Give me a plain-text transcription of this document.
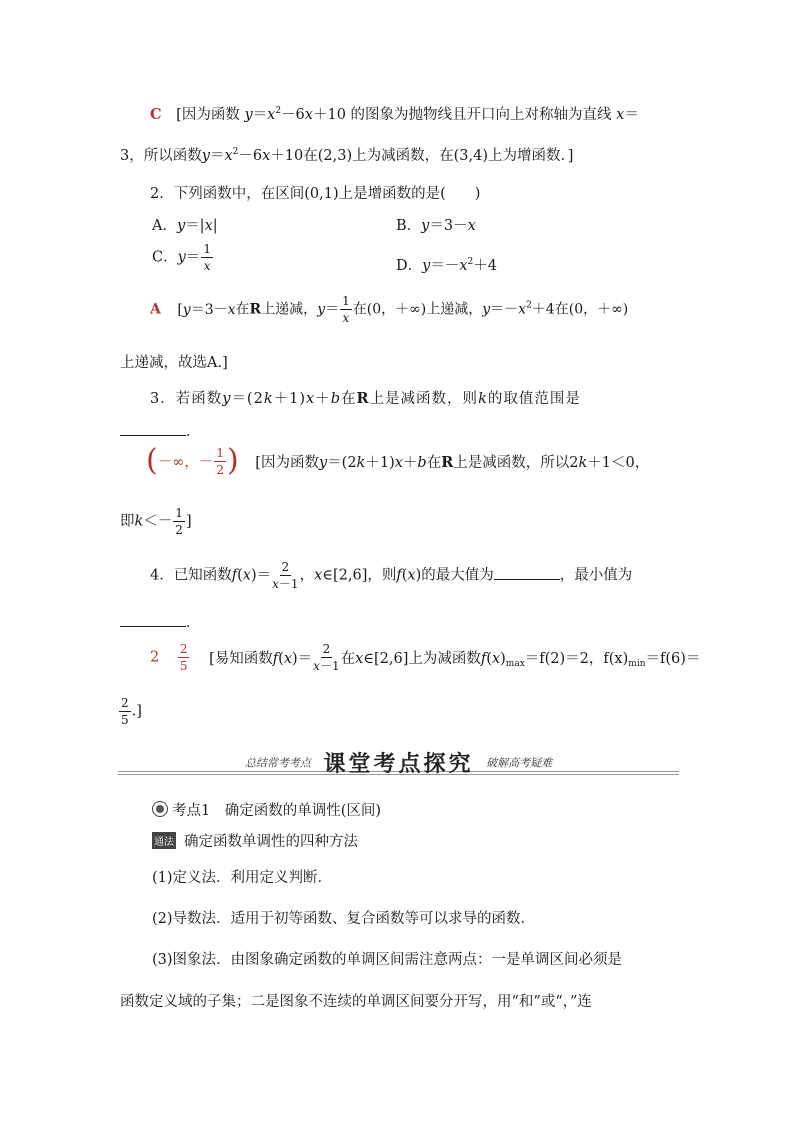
C [因为函数 $y=x^2-6x+10$ 的图象为抛物线且开口向上对称轴为直线 x＝
3，所以函数$y=x^2-6x+10$在(2,3)上为减函数，在(3,4)上为增函数．]
2．下列函数中，在区间(0,1)上是增函数的是(　　)
A．y＝|x|	B．y＝3－x
C．$y= \frac{1}{x}$	D．$y=-x^2+4$
A [y＝3－x在R上递减，$y= \frac{1}{x}$ 在(0，＋∞)上递减，$y=-x^2+4$在(0，＋∞)
上递减，故选A.]
3．若函数y＝(2k＋1)x＋b在R上是减函数，则k的取值范围是
．
(－∞，－ $\frac{1}{2}$ ) [因为函数y＝(2k＋1)x＋b在R上是减函数，所以2k＋1＜0，
即$k<- \frac{1}{2}$ ]
4．已知函数$f(x)= \frac{2}{x-1}$ ，x∈[2,6]，则f(x)的最大值为	，最小值为
．
$2 \frac{2}{5}$ [易知函数$f(x)= \frac{2}{x-1}$ 在x∈[2,6]上为减函数$f(x)_{max}=f(2)=2$，$f(x)_{min}=f(6)=$
$\frac{2}{5}$ .]
总结常考考点 课堂考点探究 破解高考疑难
考点1　确定函数的单调性(区间)
通法 确定函数单调性的四种方法
(1)定义法．利用定义判断．
(2)导数法．适用于初等函数、复合函数等可以求导的函数．
(3)图象法．由图象确定函数的单调区间需注意两点：一是单调区间必须是
函数定义域的子集；二是图象不连续的单调区间要分开写，用“和”或“，”连
